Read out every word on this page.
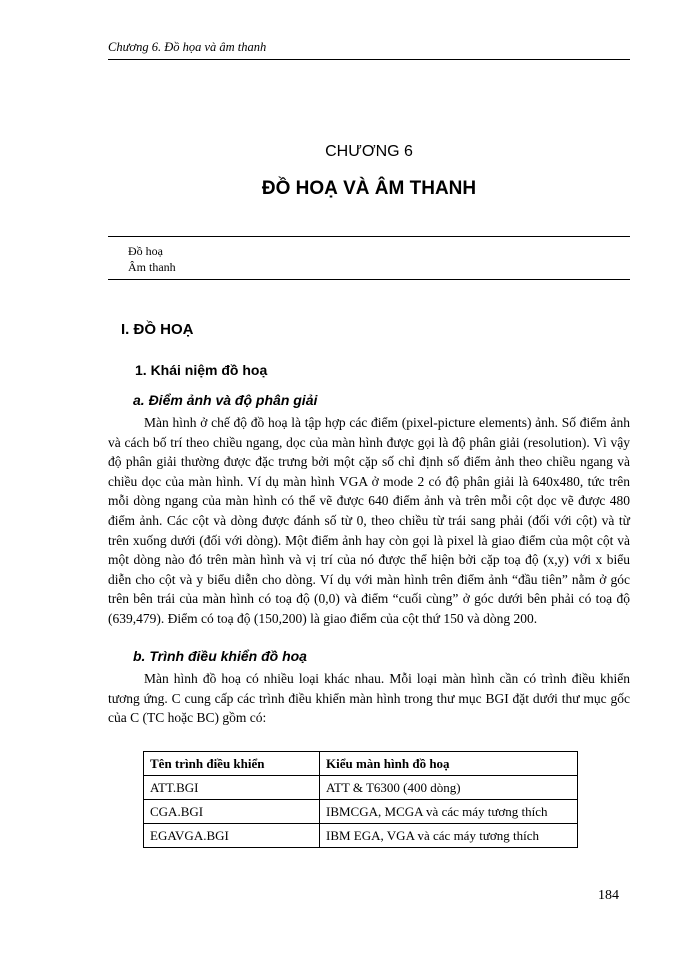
Chương 6. Đồ họa và âm thanh
CHƯƠNG 6
ĐỒ HOẠ VÀ ÂM THANH
Đồ hoạ
Âm thanh
I. ĐỒ HOẠ
1. Khái niệm đồ hoạ
a. Điểm ảnh và độ phân giải

Màn hình ở chế độ đồ hoạ là tập hợp các điểm (pixel-picture elements) ảnh. Số điểm ảnh và cách bố trí theo chiều ngang, dọc của màn hình được gọi là độ phân giải (resolution). Vì vậy độ phân giải thường được đặc trưng bởi một cặp số chỉ định số điểm ảnh theo chiều ngang và chiều dọc của màn hình. Ví dụ màn hình VGA ở mode 2 có độ phân giải là 640x480, tức trên mỗi dòng ngang của màn hình có thể vẽ được 640 điểm ảnh và trên mỗi cột dọc vẽ được 480 điểm ảnh. Các cột và dòng được đánh số từ 0, theo chiều từ trái sang phải (đối với cột) và từ trên xuống dưới (đối với dòng). Một điểm ảnh hay còn gọi là pixel là giao điểm của một cột và một dòng nào đó trên màn hình và vị trí của nó được thể hiện bởi cặp toạ độ (x,y) với x biểu diễn cho cột và y biểu diễn cho dòng. Ví dụ với màn hình trên điểm ảnh “đầu tiên” nằm ở góc trên bên trái của màn hình có toạ độ (0,0) và điểm “cuối cùng” ở góc dưới bên phải có toạ độ (639,479). Điểm có toạ độ (150,200) là giao điểm của cột thứ 150 và dòng 200.

b. Trình điều khiển đồ hoạ

Màn hình đồ hoạ có nhiều loại khác nhau. Mỗi loại màn hình cần có trình điều khiển tương ứng. C cung cấp các trình điều khiển màn hình trong thư mục BGI đặt dưới thư mục gốc của C (TC hoặc BC) gồm có:

Tên trình điều khiển	Kiểu màn hình đồ hoạ
ATT.BGI	ATT & T6300 (400 dòng)
CGA.BGI	IBMCGA, MCGA và các máy tương thích
EGAVGA.BGI	IBM EGA, VGA và các máy tương thích
184
